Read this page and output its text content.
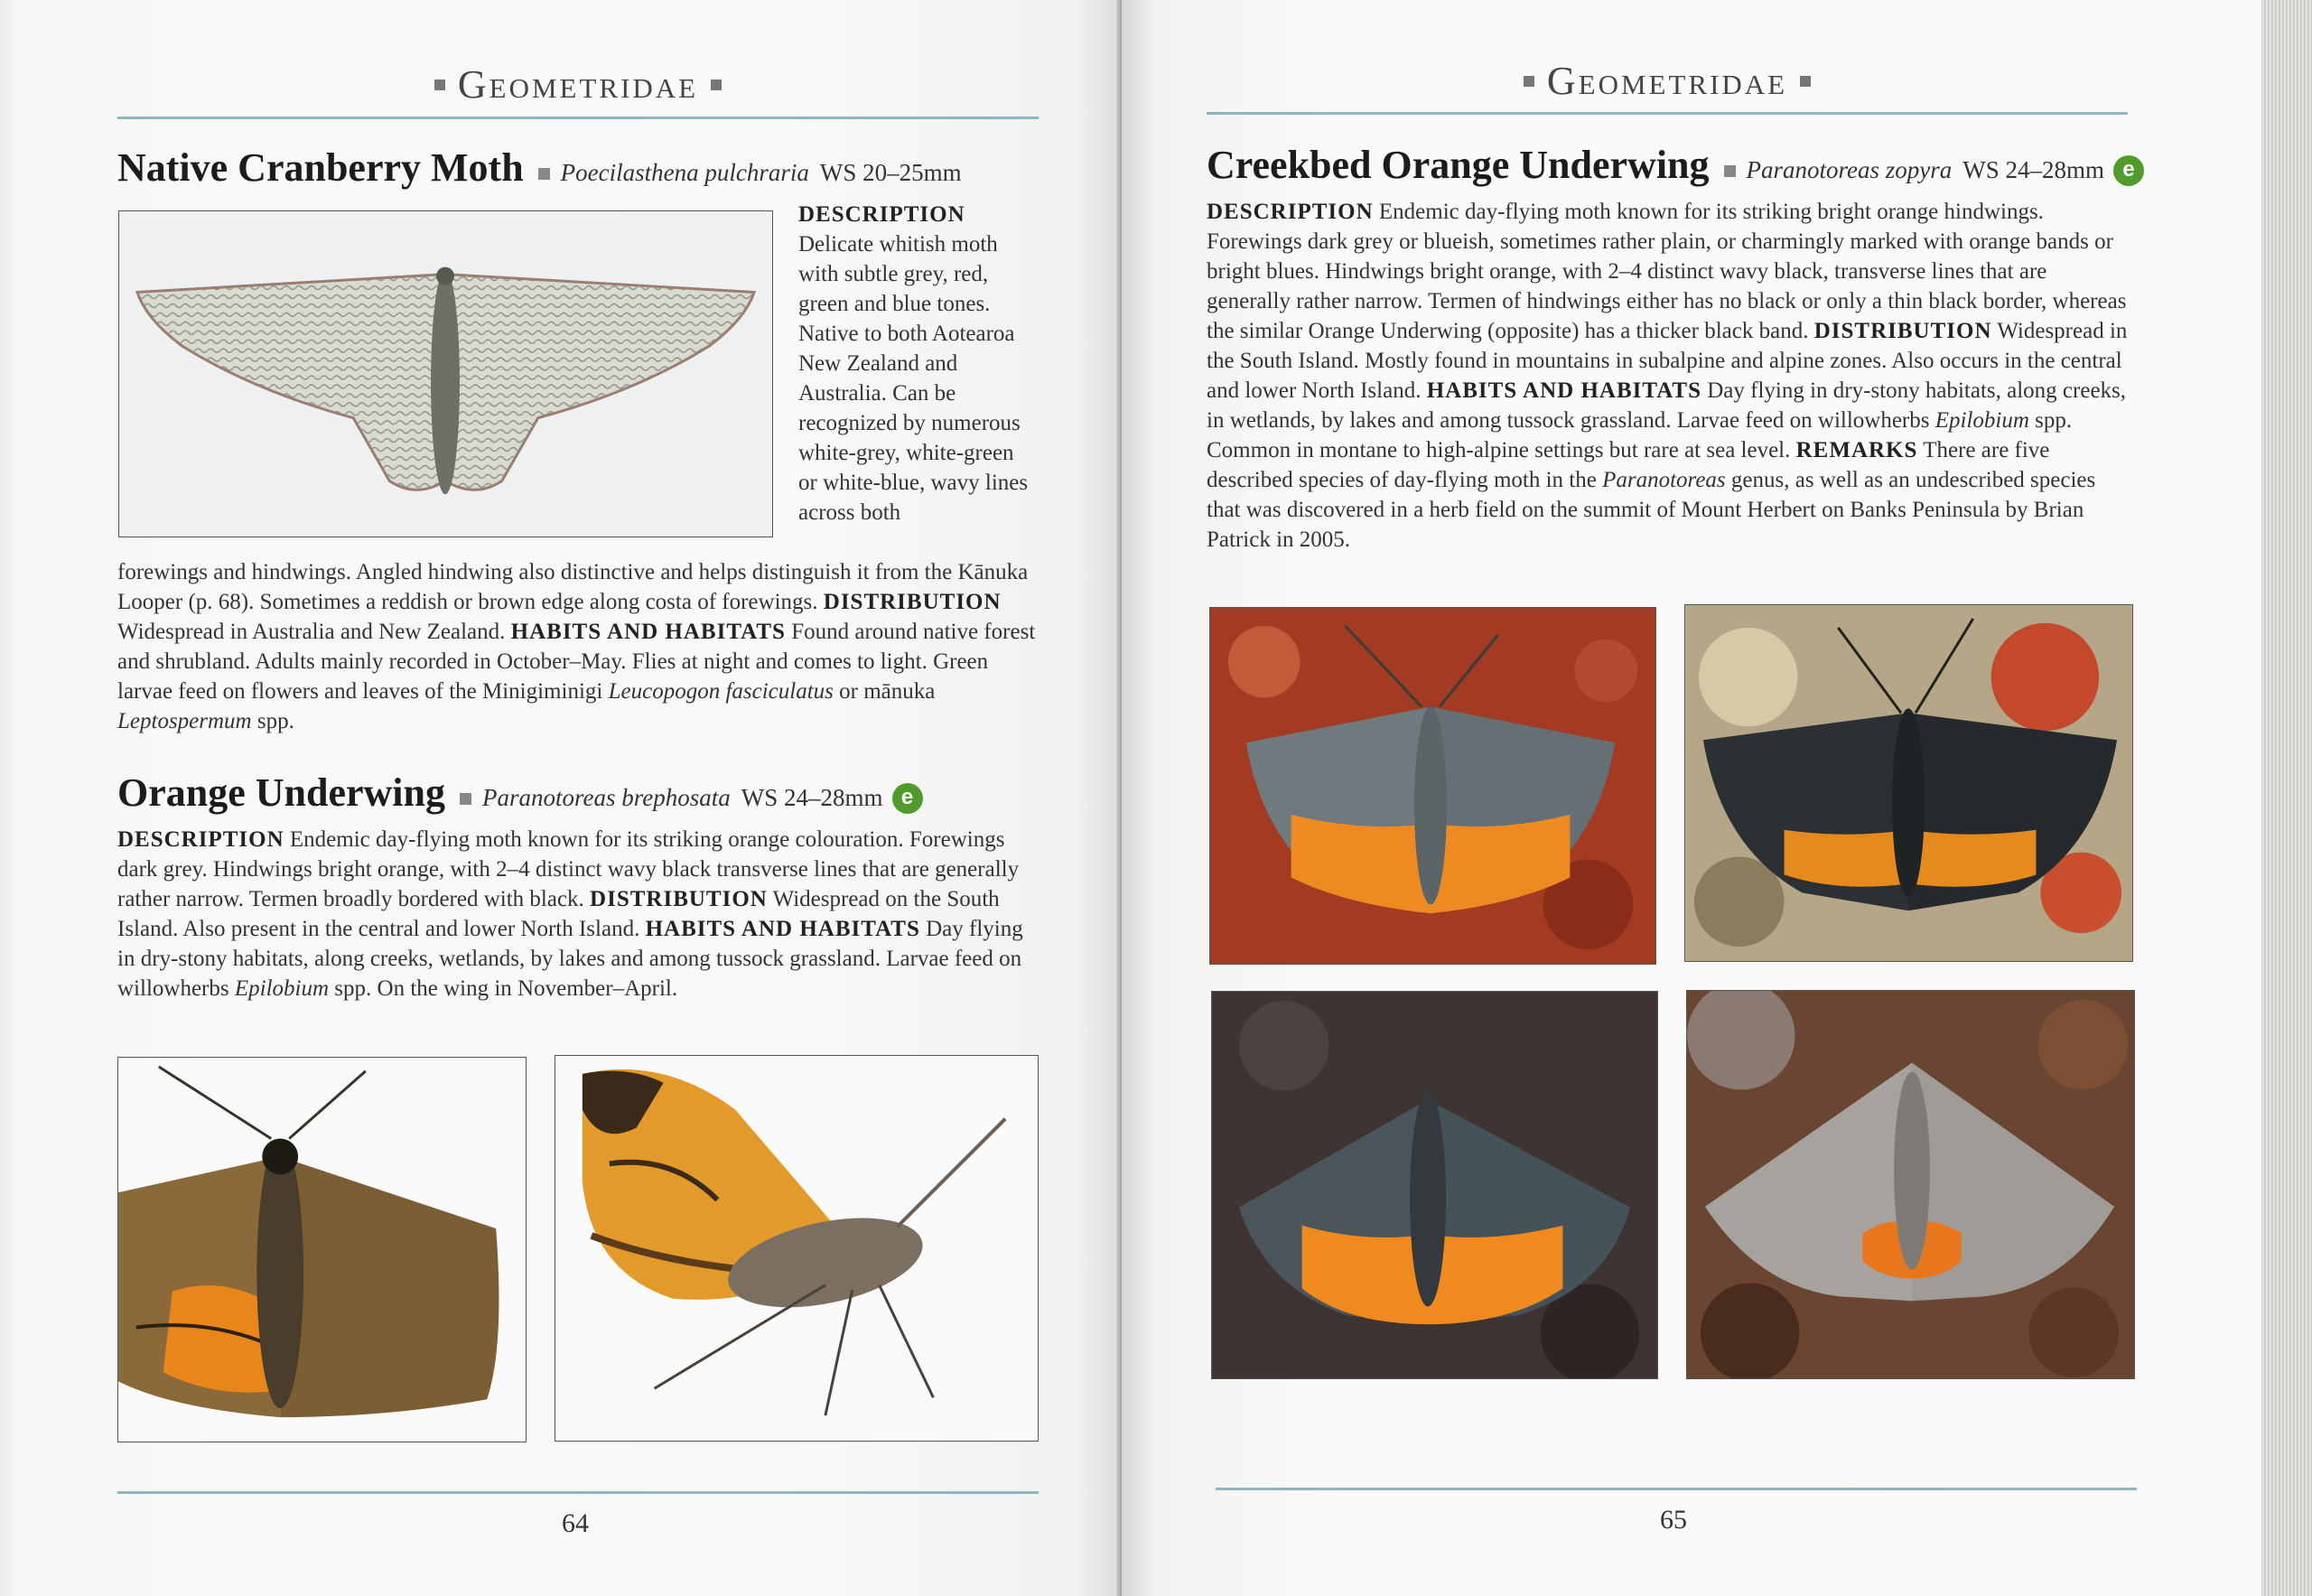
Geometridae
Native Cranberry Moth Poecilasthena pulchraria WS 20–25mm
DESCRIPTION
Delicate whitish moth with subtle grey, red, green and blue tones. Native to both Aotearoa New Zealand and Australia. Can be recognized by numerous white-grey, white-green or white-blue, wavy lines across both
forewings and hindwings. Angled hindwing also distinctive and helps distinguish it from the Kānuka Looper (p. 68). Sometimes a reddish or brown edge along costa of forewings. DISTRIBUTION Widespread in Australia and New Zealand. HABITS AND HABITATS Found around native forest and shrubland. Adults mainly recorded in October–May. Flies at night and comes to light. Green larvae feed on flowers and leaves of the Minigiminigi Leucopogon fasciculatus or mānuka Leptospermum spp.
Orange Underwing Paranotoreas brephosata WS 24–28mm e
DESCRIPTION Endemic day-flying moth known for its striking orange colouration. Forewings dark grey. Hindwings bright orange, with 2–4 distinct wavy black transverse lines that are generally rather narrow. Termen broadly bordered with black. DISTRIBUTION Widespread on the South Island. Also present in the central and lower North Island. HABITS AND HABITATS Day flying in dry-stony habitats, along creeks, wetlands, by lakes and among tussock grassland. Larvae feed on willowherbs Epilobium spp. On the wing in November–April.
64
Geometridae
Creekbed Orange Underwing Paranotoreas zopyra WS 24–28mm e
DESCRIPTION Endemic day-flying moth known for its striking bright orange hindwings. Forewings dark grey or blueish, sometimes rather plain, or charmingly marked with orange bands or bright blues. Hindwings bright orange, with 2–4 distinct wavy black, transverse lines that are generally rather narrow. Termen of hindwings either has no black or only a thin black border, whereas the similar Orange Underwing (opposite) has a thicker black band. DISTRIBUTION Widespread in the South Island. Mostly found in mountains in subalpine and alpine zones. Also occurs in the central and lower North Island. HABITS AND HABITATS Day flying in dry-stony habitats, along creeks, in wetlands, by lakes and among tussock grassland. Larvae feed on willowherbs Epilobium spp. Common in montane to high-alpine settings but rare at sea level. REMARKS There are five described species of day-flying moth in the Paranotoreas genus, as well as an undescribed species that was discovered in a herb field on the summit of Mount Herbert on Banks Peninsula by Brian Patrick in 2005.
65
